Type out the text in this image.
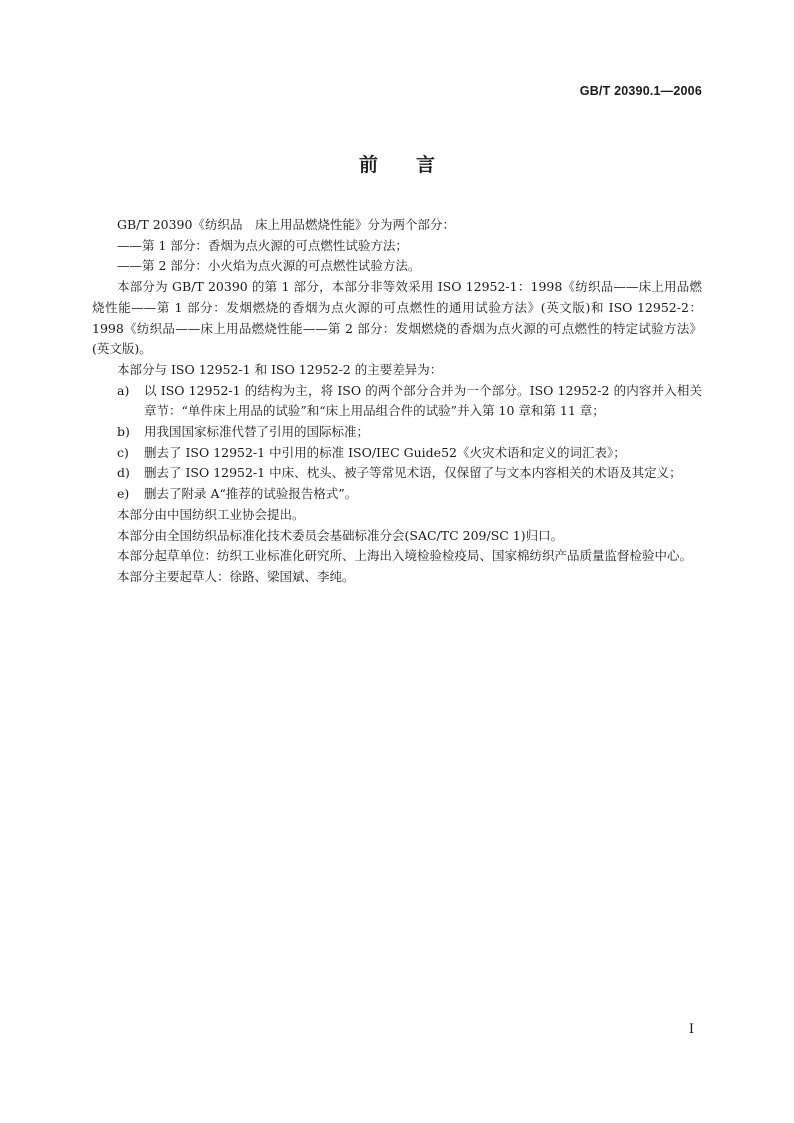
GB/T 20390.1—2006
前 言

GB/T 20390《纺织品　床上用品燃烧性能》分为两个部分：

——第 1 部分：香烟为点火源的可点燃性试验方法；

——第 2 部分：小火焰为点火源的可点燃性试验方法。

本部分为 GB/T 20390 的第 1 部分，本部分非等效采用 ISO 12952-1：1998《纺织品——床上用品燃烧性能——第 1 部分：发烟燃烧的香烟为点火源的可点燃性的通用试验方法》(英文版)和 ISO 12952-2：1998《纺织品——床上用品燃烧性能——第 2 部分：发烟燃烧的香烟为点火源的可点燃性的特定试验方法》(英文版)。

本部分与 ISO 12952-1 和 ISO 12952-2 的主要差异为：

a)	以 ISO 12952-1 的结构为主，将 ISO 的两个部分合并为一个部分。ISO 12952-2 的内容并入相关章节：“单件床上用品的试验”和“床上用品组合件的试验”并入第 10 章和第 11 章；
b)	用我国国家标准代替了引用的国际标准；
c)	删去了 ISO 12952-1 中引用的标准 ISO/IEC Guide52《火灾术语和定义的词汇表》；
d)	删去了 ISO 12952-1 中床、枕头、被子等常见术语，仅保留了与文本内容相关的术语及其定义；
e)	删去了附录 A“推荐的试验报告格式”。

本部分由中国纺织工业协会提出。

本部分由全国纺织品标准化技术委员会基础标准分会(SAC/TC 209/SC 1)归口。

本部分起草单位：纺织工业标准化研究所、上海出入境检验检疫局、国家棉纺织产品质量监督检验中心。

本部分主要起草人：徐路、梁国斌、李纯。

I
